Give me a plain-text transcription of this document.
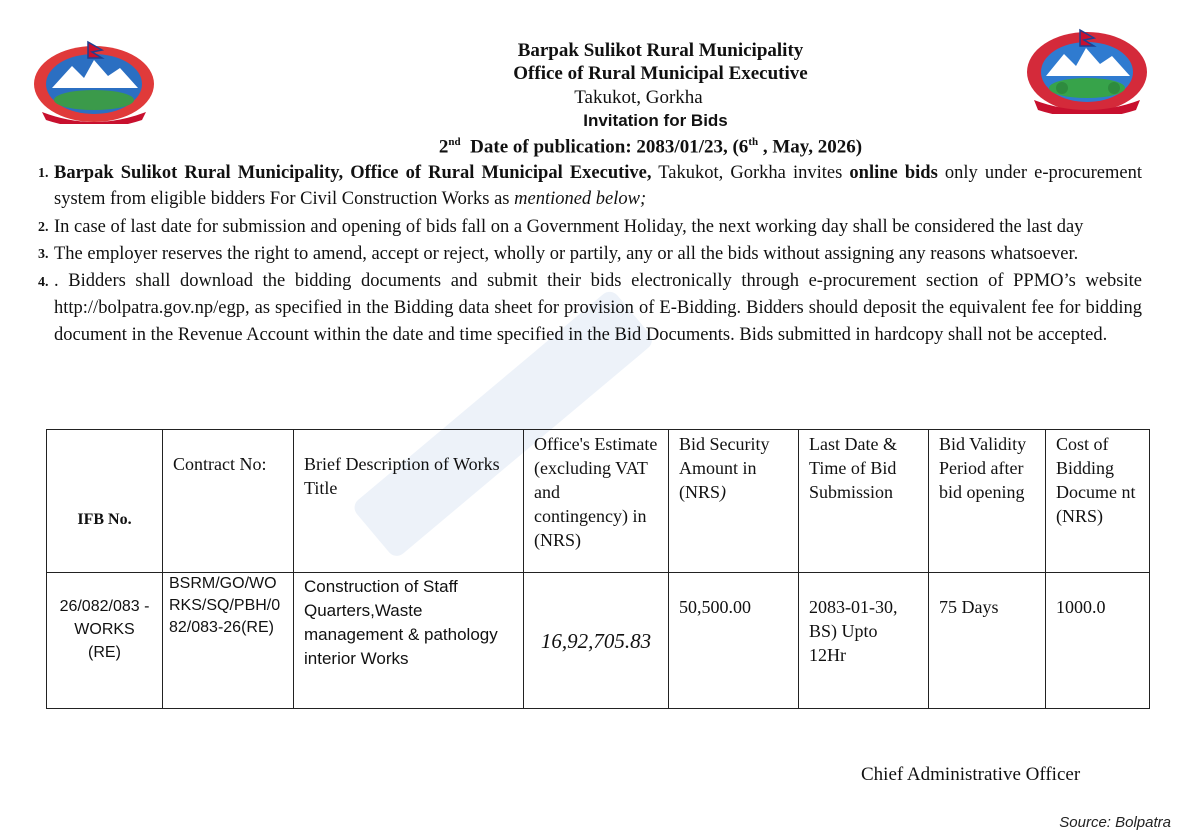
Barpak Sulikot Rural Municipality
Office of Rural Municipal Executive
Takukot, Gorkha
Invitation for Bids
2nd Date of publication: 2083/01/23, (6th , May, 2026)

1. Barpak Sulikot Rural Municipality, Office of Rural Municipal Executive, Takukot, Gorkha invites online bids only under e-procurement system from eligible bidders For Civil Construction Works as mentioned below;

2. In case of last date for submission and opening of bids fall on a Government Holiday, the next working day shall be considered the last day

3. The employer reserves the right to amend, accept or reject, wholly or partily, any or all the bids without assigning any reasons whatsoever.

4. . Bidders shall download the bidding documents and submit their bids electronically through e-procurement section of PPMO’s website http://bolpatra.gov.np/egp, as specified in the Bidding data sheet for provision of E-Bidding. Bidders should deposit the equivalent fee for bidding document in the Revenue Account within the date and time specified in the Bid Documents. Bids submitted in hardcopy shall not be accepted.

IFB No.	Contract No:	Brief Description of Works Title	Office's Estimate (excluding VAT and contingency) in (NRS)	Bid Security Amount in (NRS)	Last Date & Time of Bid Submission	Bid Validity Period after bid opening	Cost of Bidding Docume nt (NRS)
26/082/083 -WORKS (RE)	BSRM/GO/WORKS/SQ/PBH/082/083-26(RE)	Construction of Staff Quarters,Waste management & pathology interior Works	16,92,705.83	50,500.00	2083-01-30, BS) Upto 12Hr	75 Days	1000.0
Chief Administrative Officer
Source: Bolpatra
